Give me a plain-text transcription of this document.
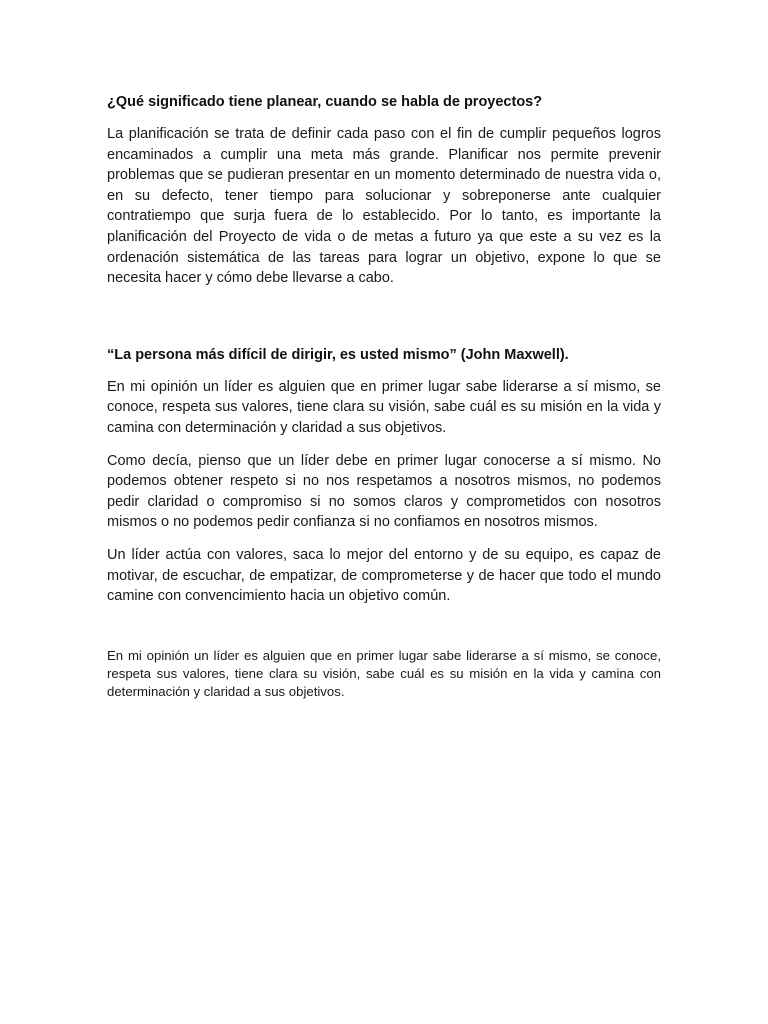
¿Qué significado tiene planear, cuando se habla de proyectos?

La planificación se trata de definir cada paso con el fin de cumplir pequeños logros encaminados a cumplir una meta más grande. Planificar nos permite prevenir problemas que se pudieran presentar en un momento determinado de nuestra vida o, en su defecto, tener tiempo para solucionar y sobreponerse ante cualquier contratiempo que surja fuera de lo establecido. Por lo tanto, es importante la planificación del Proyecto de vida o de metas a futuro ya que este a su vez es la ordenación sistemática de las tareas para lograr un objetivo, expone lo que se necesita hacer y cómo debe llevarse a cabo.

“La persona más difícil de dirigir, es usted mismo” (John Maxwell).

En mi opinión un líder es alguien que en primer lugar sabe liderarse a sí mismo, se conoce, respeta sus valores, tiene clara su visión, sabe cuál es su misión en la vida y camina con determinación y claridad a sus objetivos.

Como decía, pienso que un líder debe en primer lugar conocerse a sí mismo. No podemos obtener respeto si no nos respetamos a nosotros mismos, no podemos pedir claridad o compromiso si no somos claros y comprometidos con nosotros mismos o no podemos pedir confianza si no confiamos en nosotros mismos.

Un líder actúa con valores, saca lo mejor del entorno y de su equipo, es capaz de motivar, de escuchar, de empatizar, de comprometerse y de hacer que todo el mundo camine con convencimiento hacia un objetivo común.

En mi opinión un líder es alguien que en primer lugar sabe liderarse a sí mismo, se conoce, respeta sus valores, tiene clara su visión, sabe cuál es su misión en la vida y camina con determinación y claridad a sus objetivos.
